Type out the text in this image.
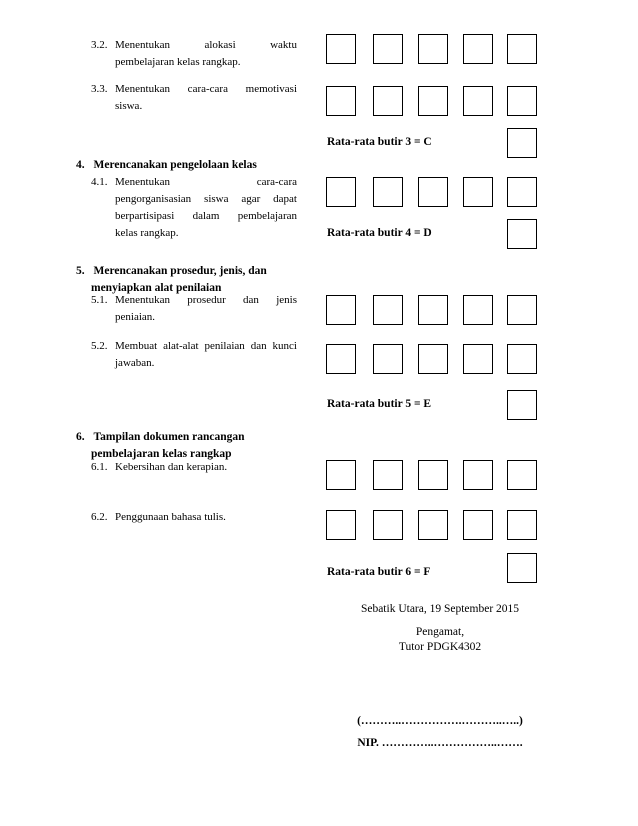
3.2. Menentukan alokasi waktu
pembelajaran kelas rangkap.
3.3. Menentukan cara-cara memotivasi
siswa.
Rata-rata butir 3 = C
4. Merencanakan pengelolaan kelas
4.1. Menentukan cara-cara
pengorganisasian siswa agar dapat
berpartisipasi dalam pembelajaran
kelas rangkap.	Rata-rata butir 4 = D
5. Merencanakan prosedur, jenis, dan
menyiapkan alat penilaian
5.1. Menentukan prosedur dan jenis
peniaian.
5.2. Membuat alat-alat penilaian dan kunci
jawaban.
Rata-rata butir 5 = E
6. Tampilan dokumen rancangan
pembelajaran kelas rangkap
6.1. Kebersihan dan kerapian.
6.2. Penggunaan bahasa tulis.
Rata-rata butir 6 = F
Sebatik Utara, 19 September 2015
Pengamat,
Tutor PDGK4302
(………..…………….………..…..)
NIP. …………..……………..…….
